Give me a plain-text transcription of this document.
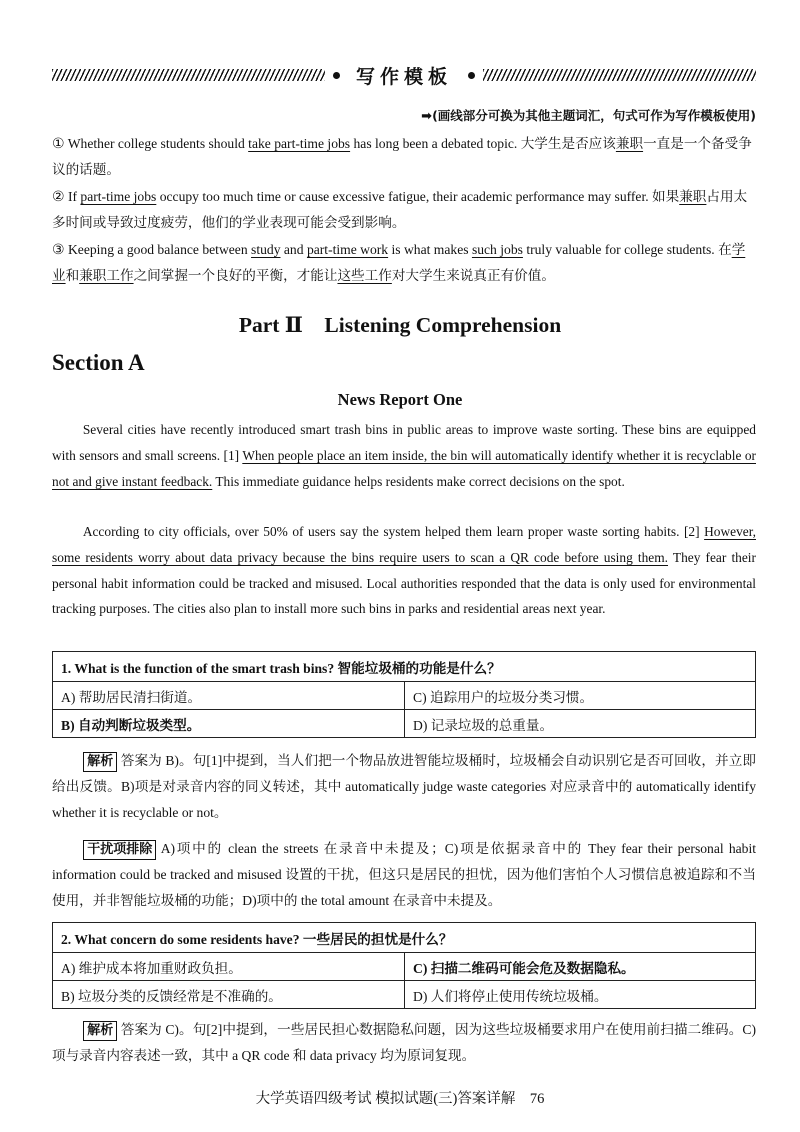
写作模板
➡(画线部分可换为其他主题词汇，句式可作为写作模板使用)
① Whether college students should take part-time jobs has long been a debated topic. 大学生是否应该兼职一直是一个备受争议的话题。
② If part-time jobs occupy too much time or cause excessive fatigue, their academic performance may suffer. 如果兼职占用太多时间或导致过度疲劳，他们的学业表现可能会受到影响。
③ Keeping a good balance between study and part-time work is what makes such jobs truly valuable for college students. 在学业和兼职工作之间掌握一个良好的平衡，才能让这些工作对大学生来说真正有价值。
Part Ⅱ　Listening Comprehension
Section A
News Report One
Several cities have recently introduced smart trash bins in public areas to improve waste sorting. These bins are equipped with sensors and small screens. [1] When people place an item inside, the bin will automatically identify whether it is recyclable or not and give instant feedback. This immediate guidance helps residents make correct decisions on the spot.
According to city officials, over 50% of users say the system helped them learn proper waste sorting habits. [2] However, some residents worry about data privacy because the bins require users to scan a QR code before using them. They fear their personal habit information could be tracked and misused. Local authorities responded that the data is only used for environmental tracking purposes. The cities also plan to install more such bins in parks and residential areas next year.
1. What is the function of the smart trash bins? 智能垃圾桶的功能是什么？	
A) 帮助居民清扫街道。	C) 追踪用户的垃圾分类习惯。
B) 自动判断垃圾类型。	D) 记录垃圾的总重量。
解析 答案为 B)。句[1]中提到，当人们把一个物品放进智能垃圾桶时，垃圾桶会自动识别它是否可回收，并立即给出反馈。B)项是对录音内容的同义转述，其中 automatically judge waste categories 对应录音中的 automatically identify whether it is recyclable or not。
干扰项排除 A)项中的 clean the streets 在录音中未提及；C)项是依据录音中的 They fear their personal habit information could be tracked and misused 设置的干扰，但这只是居民的担忧，因为他们害怕个人习惯信息被追踪和不当使用，并非智能垃圾桶的功能；D)项中的 the total amount 在录音中未提及。
2. What concern do some residents have? 一些居民的担忧是什么？	
A) 维护成本将加重财政负担。	C) 扫描二维码可能会危及数据隐私。
B) 垃圾分类的反馈经常是不准确的。	D) 人们将停止使用传统垃圾桶。
解析 答案为 C)。句[2]中提到，一些居民担心数据隐私问题，因为这些垃圾桶要求用户在使用前扫描二维码。C)项与录音内容表述一致，其中 a QR code 和 data privacy 均为原词复现。
大学英语四级考试 模拟试题(三)答案详解　76
